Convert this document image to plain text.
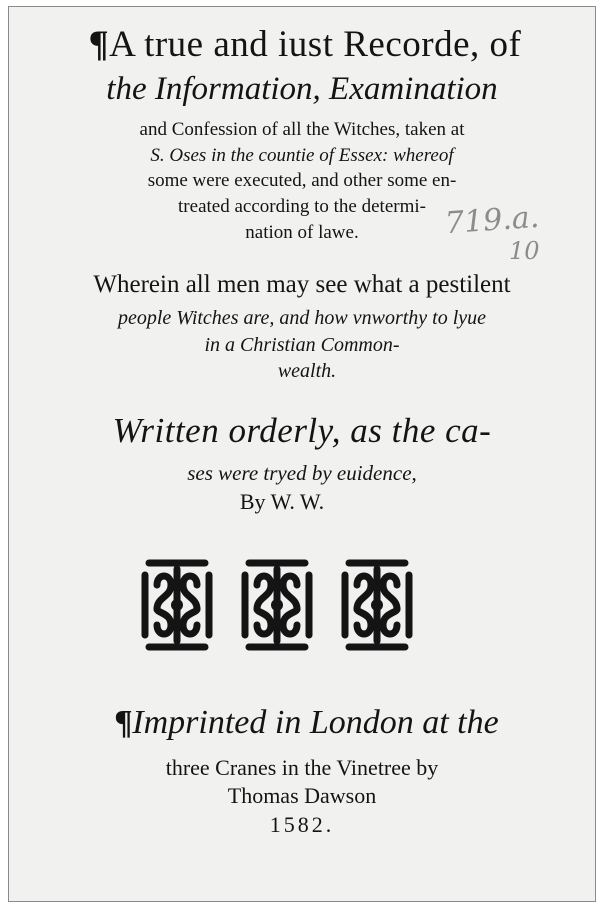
¶A true and iust Recorde, of
the Information, Examination
and Confession of all the Witches, taken at
S. Oses in the countie of Essex: whereof
some were executed, and other some en-
treated according to the determi-
nation of lawe.
Wherein all men may see what a pestilent
people Witches are, and how vnworthy to lyue
in a Christian Common-
wealth.
Written orderly, as the ca-
ses were tryed by euidence,
By W. W.
719.a.
10
¶Imprinted in London at the
three Cranes in the Vinetree by
Thomas Dawson
1582.
